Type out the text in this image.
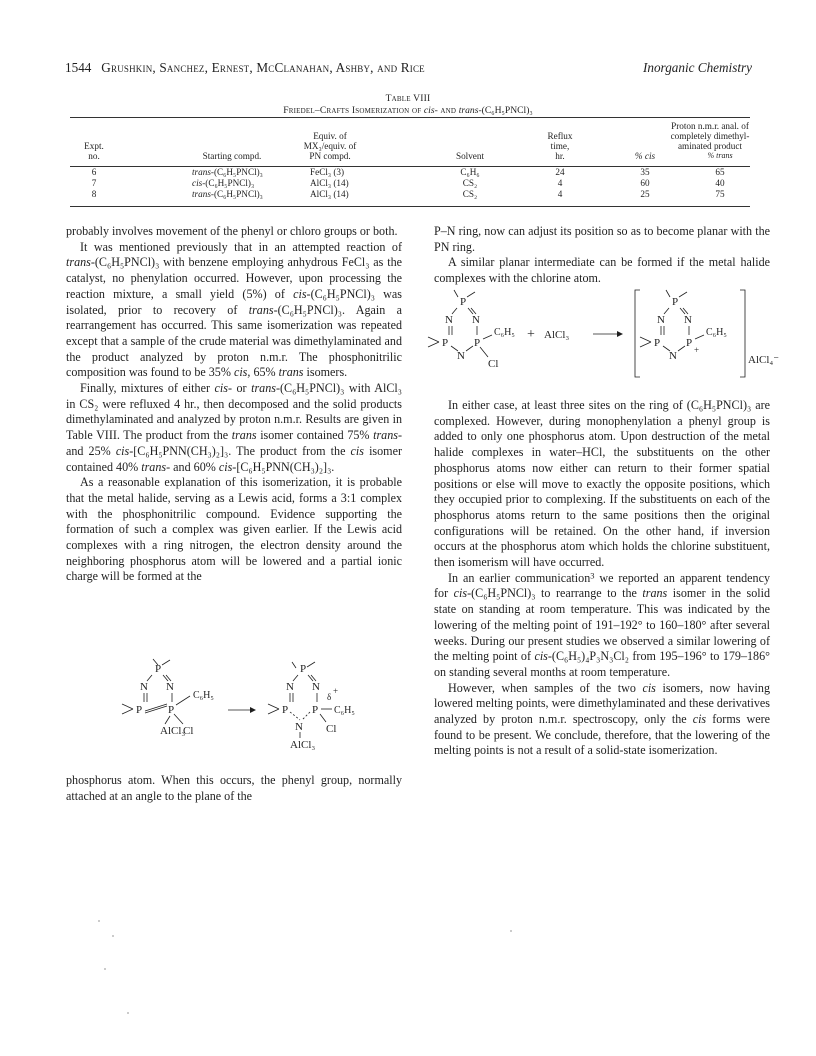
1544 Grushkin, Sanchez, Ernest, McClanahan, Ashby, and Rice	Inorganic Chemistry
Table VIII
Friedel–Crafts Isomerization of cis- and trans-(C₆H₅PNCl)₃
Proton n.m.r. anal. of
completely dimethyl-
aminated product
Equiv. of
MX₃/equiv. of
PN compd.
Reflux
time,
hr.
Expt.
no.	Starting compd.	Solvent	% cis	% trans
6	trans-(C₆H₅PNCl)₃	FeCl₃ (3)	C₆H₆	24	35	65
7	cis-(C₆H₅PNCl)₃	AlCl₃ (14)	CS₂	4	60	40
8	trans-(C₆H₅PNCl)₃	AlCl₃ (14)	CS₂	4	25	75

probably involves movement of the phenyl or chloro groups or both.

It was mentioned previously that in an attempted reaction of trans-(C₆H₅PNCl)₃ with benzene employing anhydrous FeCl₃ as the catalyst, no phenylation occurred. However, upon processing the reaction mixture, a small yield (5%) of cis-(C₆H₅PNCl)₃ was isolated, prior to recovery of trans-(C₆H₅PNCl)₃. Again a rearrangement has occurred. This same isomerization was repeated except that a sample of the crude material was dimethylaminated and the product analyzed by proton n.m.r. The phosphonitrilic composition was found to be 35% cis, 65% trans isomers.

Finally, mixtures of either cis- or trans-(C₆H₅PNCl)₃ with AlCl₃ in CS₂ were refluxed 4 hr., then decomposed and the solid products dimethylaminated and analyzed by proton n.m.r. Results are given in Table VIII. The product from the trans isomer contained 75% trans- and 25% cis-[C₆H₅PNN(CH₃)₂]₃. The product from the cis isomer contained 40% trans- and 60% cis-[C₆H₅PNN(CH₃)₂]₃.

As a reasonable explanation of this isomerization, it is probable that the metal halide, serving as a Lewis acid, forms a 3:1 complex with the phosphonitrilic compound. Evidence supporting the formation of such a complex was given earlier. If the Lewis acid complexes with a ring nitrogen, the electron density around the neighboring phosphorus atom will be lowered and a partial ionic charge will be formed at the

P
N N
P P
AlCl₃
C₆H₅
Cl
P
N N
P P
N
AlCl₃
δ
+
C₆H₅
Cl

phosphorus atom. When this occurs, the phenyl group, normally attached at an angle to the plane of the

P–N ring, now can adjust its position so as to become planar with the PN ring.

A similar planar intermediate can be formed if the metal halide complexes with the chlorine atom.

P
N N
P P
N
C₆H₅
Cl
+ AlCl₃
P
N N
P P
N
C₆H₅
+
AlCl₄⁻

In either case, at least three sites on the ring of (C₆H₅PNCl)₃ are complexed. However, during monophenylation a phenyl group is added to only one phosphorus atom. Upon destruction of the metal halide complexes in water–HCl, the substituents on the other phosphorus atoms now either can return to their former spatial positions or else will move to exactly the opposite positions, which they occupied prior to complexing. If the substituents on each of the phosphorus atoms return to the same positions then the original configurations will be retained. On the other hand, if inversion occurs at the phosphorus atom which holds the chlorine substituent, then isomerism will have occurred.

In an earlier communication$^3$ we reported an apparent tendency for cis-(C₆H₅PNCl)₃ to rearrange to the trans isomer in the solid state on standing at room temperature. This was indicated by the lowering of the melting point of 191–192° to 160–180° after several weeks. During our present studies we observed a similar lowering of the melting point of cis-(C₆H₅)₄P₃N₃Cl₂ from 195–196° to 179–186° on standing several months at room temperature.

However, when samples of the two cis isomers, now having lowered melting points, were dimethylaminated and these derivatives analyzed by proton n.m.r. spectroscopy, only the cis forms were found to be present. We conclude, therefore, that the lowering of the melting points is not a result of a solid-state isomerization.
